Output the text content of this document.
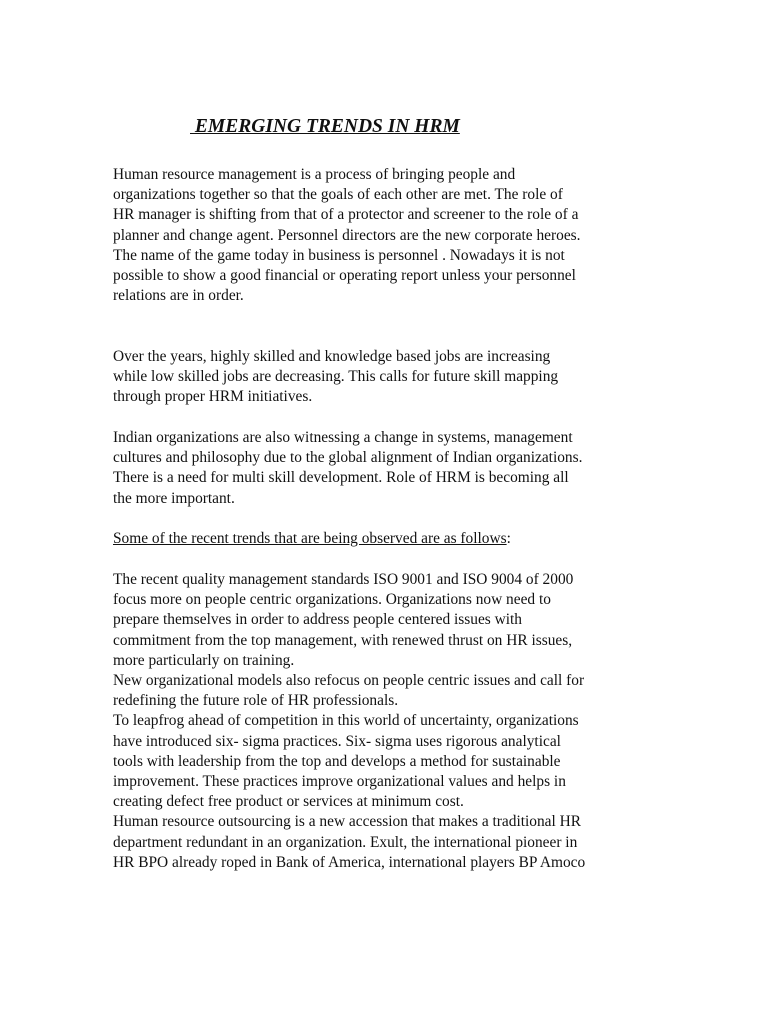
EMERGING TRENDS IN HRM
Human resource management is a process of bringing people and
organizations together so that the goals of each other are met. The role of
HR manager is shifting from that of a protector and screener to the role of a
planner and change agent. Personnel directors are the new corporate heroes.
The name of the game today in business is personnel . Nowadays it is not
possible to show a good financial or operating report unless your personnel
relations are in order.
Over the years, highly skilled and knowledge based jobs are increasing
while low skilled jobs are decreasing. This calls for future skill mapping
through proper HRM initiatives.
Indian organizations are also witnessing a change in systems, management
cultures and philosophy due to the global alignment of Indian organizations.
There is a need for multi skill development. Role of HRM is becoming all
the more important.
Some of the recent trends that are being observed are as follows:
The recent quality management standards ISO 9001 and ISO 9004 of 2000
focus more on people centric organizations. Organizations now need to
prepare themselves in order to address people centered issues with
commitment from the top management, with renewed thrust on HR issues,
more particularly on training.
New organizational models also refocus on people centric issues and call for
redefining the future role of HR professionals.
To leapfrog ahead of competition in this world of uncertainty, organizations
have introduced six- sigma practices. Six- sigma uses rigorous analytical
tools with leadership from the top and develops a method for sustainable
improvement. These practices improve organizational values and helps in
creating defect free product or services at minimum cost.
Human resource outsourcing is a new accession that makes a traditional HR
department redundant in an organization. Exult, the international pioneer in
HR BPO already roped in Bank of America, international players BP Amoco
